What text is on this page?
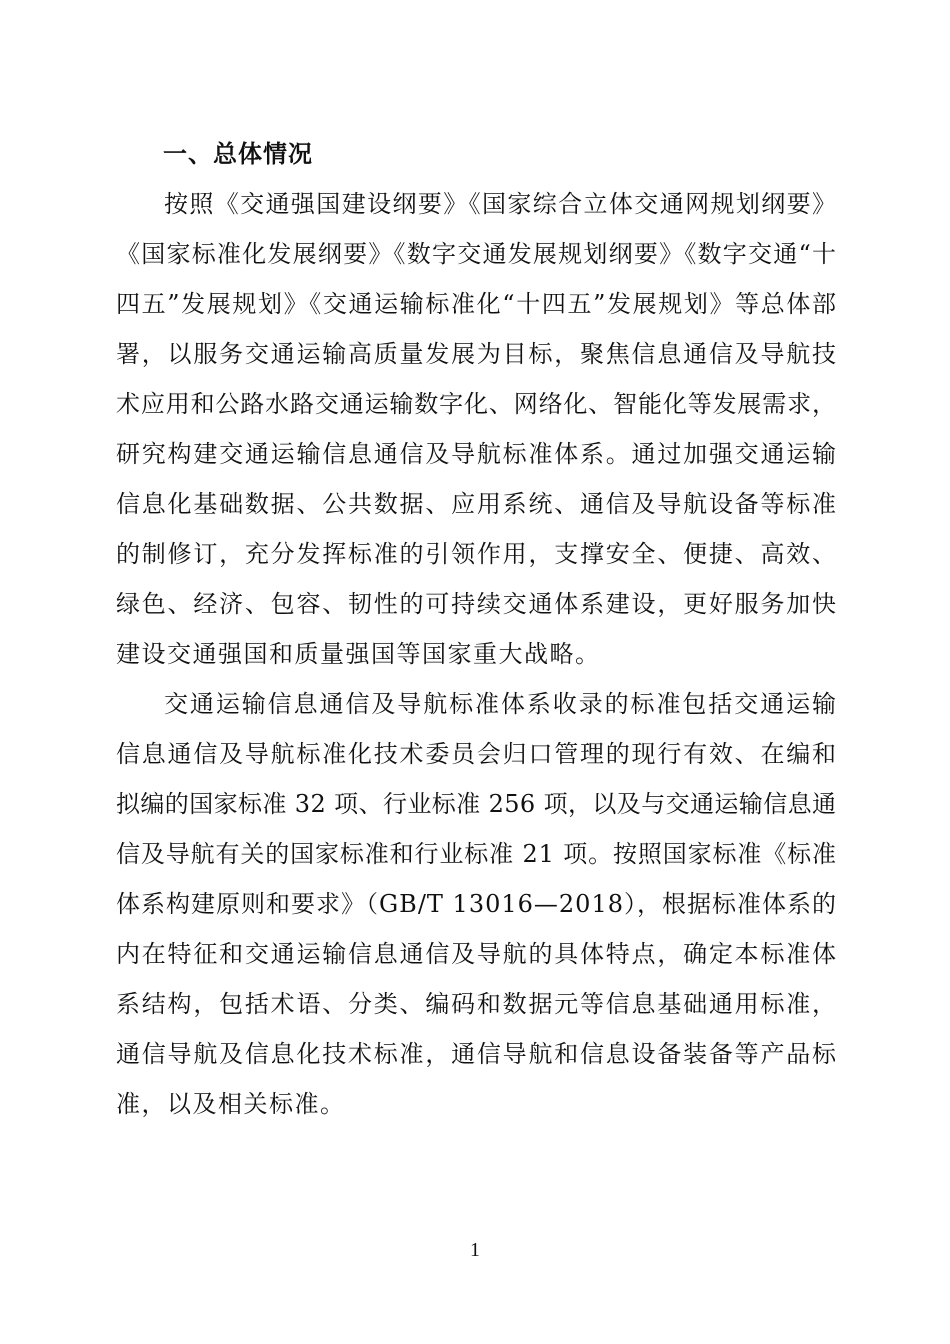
一、总体情况
按照《交通强国建设纲要》《国家综合立体交通网规划纲要》
《国家标准化发展纲要》《数字交通发展规划纲要》《数字交通“十
四五”发展规划》《交通运输标准化“十四五”发展规划》等总体部
署，以服务交通运输高质量发展为目标，聚焦信息通信及导航技
术应用和公路水路交通运输数字化、网络化、智能化等发展需求，
研究构建交通运输信息通信及导航标准体系。通过加强交通运输
信息化基础数据、公共数据、应用系统、通信及导航设备等标准
的制修订，充分发挥标准的引领作用，支撑安全、便捷、高效、
绿色、经济、包容、韧性的可持续交通体系建设，更好服务加快
建设交通强国和质量强国等国家重大战略。
交通运输信息通信及导航标准体系收录的标准包括交通运输
信息通信及导航标准化技术委员会归口管理的现行有效、在编和
拟编的国家标准 32 项、行业标准 256 项，以及与交通运输信息通
信及导航有关的国家标准和行业标准 21 项。按照国家标准《标准
体系构建原则和要求》（GB/T 13016—2018），根据标准体系的
内在特征和交通运输信息通信及导航的具体特点，确定本标准体
系结构，包括术语、分类、编码和数据元等信息基础通用标准，
通信导航及信息化技术标准，通信导航和信息设备装备等产品标
准，以及相关标准。
1
